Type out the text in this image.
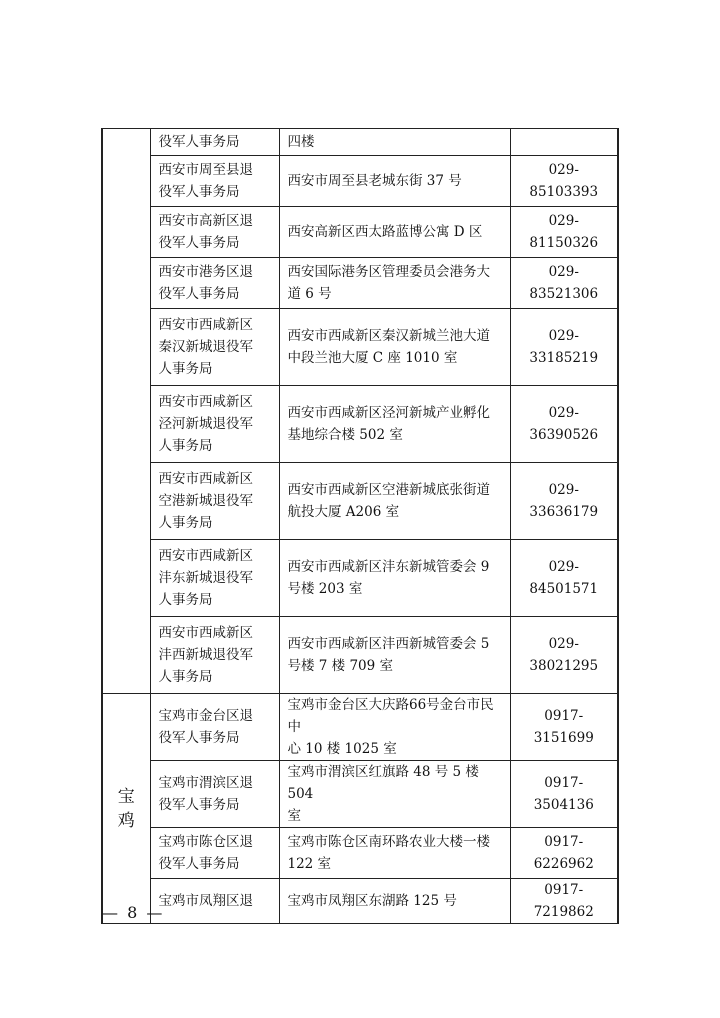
	役军人事务局	四楼	
	西安市周至县退
役军人事务局	西安市周至县老城东街 37 号	029-85103393
	西安市高新区退
役军人事务局	西安高新区西太路蓝博公寓 D 区	029-81150326
	西安市港务区退
役军人事务局	西安国际港务区管理委员会港务大
道 6 号	029-83521306
	西安市西咸新区
秦汉新城退役军
人事务局	西安市西咸新区秦汉新城兰池大道
中段兰池大厦 C 座 1010 室	029-33185219
	西安市西咸新区
泾河新城退役军
人事务局	西安市西咸新区泾河新城产业孵化
基地综合楼 502 室	029-36390526
	西安市西咸新区
空港新城退役军
人事务局	西安市西咸新区空港新城底张街道
航投大厦 A206 室	029-33636179
	西安市西咸新区
沣东新城退役军
人事务局	西安市西咸新区沣东新城管委会 9
号楼 203 室	029-84501571
	西安市西咸新区
沣西新城退役军
人事务局	西安市西咸新区沣西新城管委会 5
号楼 7 楼 709 室	029-38021295

宝
鸡	宝鸡市金台区退
役军人事务局	宝鸡市金台区大庆路66号金台市民中
心 10 楼 1025 室	0917-3151699
	宝鸡市渭滨区退
役军人事务局	宝鸡市渭滨区红旗路 48 号 5 楼 504
室	0917-3504136
	宝鸡市陈仓区退
役军人事务局	宝鸡市陈仓区南环路农业大楼一楼
122 室	0917-6226962
	宝鸡市凤翔区退	宝鸡市凤翔区东湖路 125 号	0917-7219862
— 8 —
